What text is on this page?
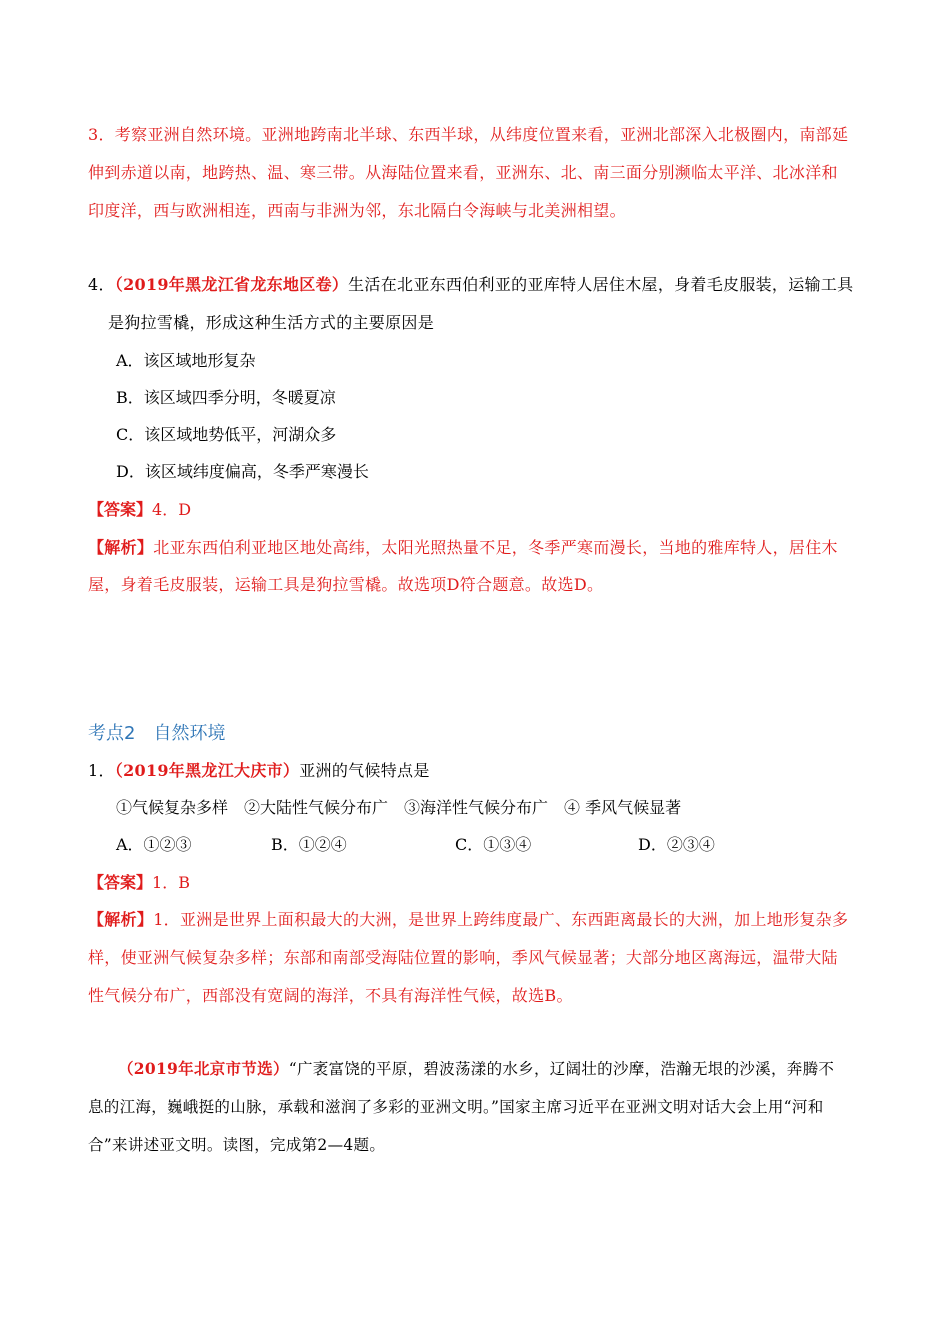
3．考察亚洲自然环境。亚洲地跨南北半球、东西半球，从纬度位置来看，亚洲北部深入北极圈内，南部延
伸到赤道以南，地跨热、温、寒三带。从海陆位置来看，亚洲东、北、南三面分别濒临太平洋、北冰洋和
印度洋，西与欧洲相连，西南与非洲为邻，东北隔白令海峡与北美洲相望。
4．（2019年黑龙江省龙东地区卷）生活在北亚东西伯利亚的亚库特人居住木屋，身着毛皮服装，运输工具
是狗拉雪橇，形成这种生活方式的主要原因是
A．该区域地形复杂
B．该区域四季分明，冬暖夏凉
C．该区域地势低平，河湖众多
D．该区域纬度偏高，冬季严寒漫长
【答案】4．D
【解析】北亚东西伯利亚地区地处高纬，太阳光照热量不足，冬季严寒而漫长，当地的雅库特人，居住木
屋，身着毛皮服装，运输工具是狗拉雪橇。故选项D符合题意。故选D。
考点2　自然环境
1．（2019年黑龙江大庆市）亚洲的气候特点是
①气候复杂多样　②大陆性气候分布广　③海洋性气候分布广　④ 季风气候显著
A．①②③	B．①②④	C．①③④	D．②③④
【答案】1．B
【解析】1．亚洲是世界上面积最大的大洲，是世界上跨纬度最广、东西距离最长的大洲，加上地形复杂多
样，使亚洲气候复杂多样；东部和南部受海陆位置的影响，季风气候显著；大部分地区离海远，温带大陆
性气候分布广，西部没有宽阔的海洋，不具有海洋性气候，故选B。
（2019年北京市节选）“广袤富饶的平原，碧波荡漾的水乡，辽阔壮的沙摩，浩瀚无垠的沙溪，奔腾不
息的江海，巍峨挺的山脉，承载和滋润了多彩的亚洲文明。”国家主席习近平在亚洲文明对话大会上用“河和
合”来讲述亚文明。读图，完成第2—4题。
